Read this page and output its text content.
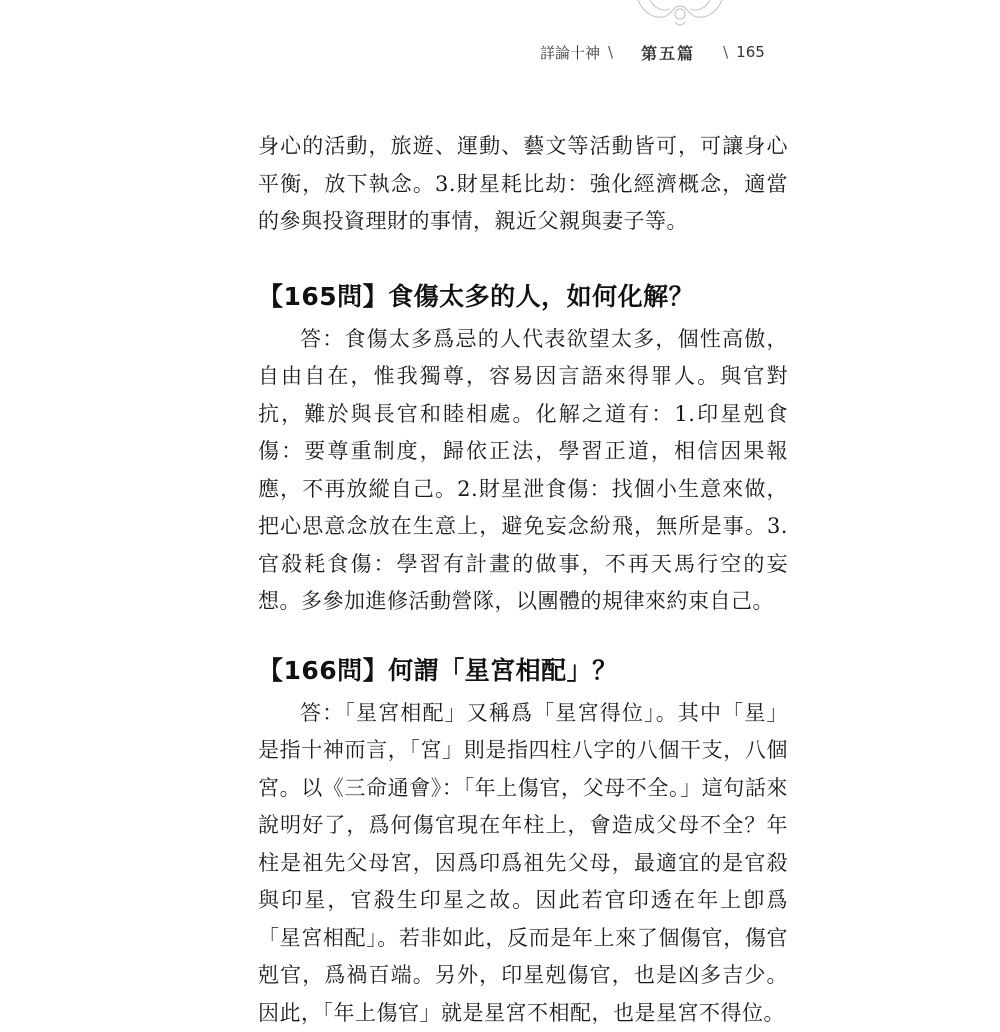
詳論十神 \ 第五篇 \ 165

身心的活動，旅遊、運動、藝文等活動皆可，可讓身心平衡，放下執念。3.財星耗比劫：強化經濟概念，適當的參與投資理財的事情，親近父親與妻子等。

【165問】食傷太多的人，如何化解？

答：食傷太多爲忌的人代表欲望太多，個性高傲，自由自在，惟我獨尊，容易因言語來得罪人。與官對抗，難於與長官和睦相處。化解之道有：1.印星剋食傷：要尊重制度，歸依正法，學習正道，相信因果報應，不再放縱自己。2.財星泄食傷：找個小生意來做，把心思意念放在生意上，避免妄念紛飛，無所是事。3.官殺耗食傷：學習有計畫的做事，不再天馬行空的妄想。多參加進修活動營隊，以團體的規律來約束自己。

【166問】何謂「星宮相配」？

答：「星宮相配」又稱爲「星宮得位」。其中「星」是指十神而言，「宮」則是指四柱八字的八個干支，八個宮。以《三命通會》：「年上傷官，父母不全。」這句話來說明好了，爲何傷官現在年柱上，會造成父母不全？年柱是祖先父母宮，因爲印爲祖先父母，最適宜的是官殺與印星，官殺生印星之故。因此若官印透在年上卽爲「星宮相配」。若非如此，反而是年上來了個傷官，傷官剋官，爲禍百端。另外，印星剋傷官，也是凶多吉少。因此，「年上傷官」就是星宮不相配，也是星宮不得位。
